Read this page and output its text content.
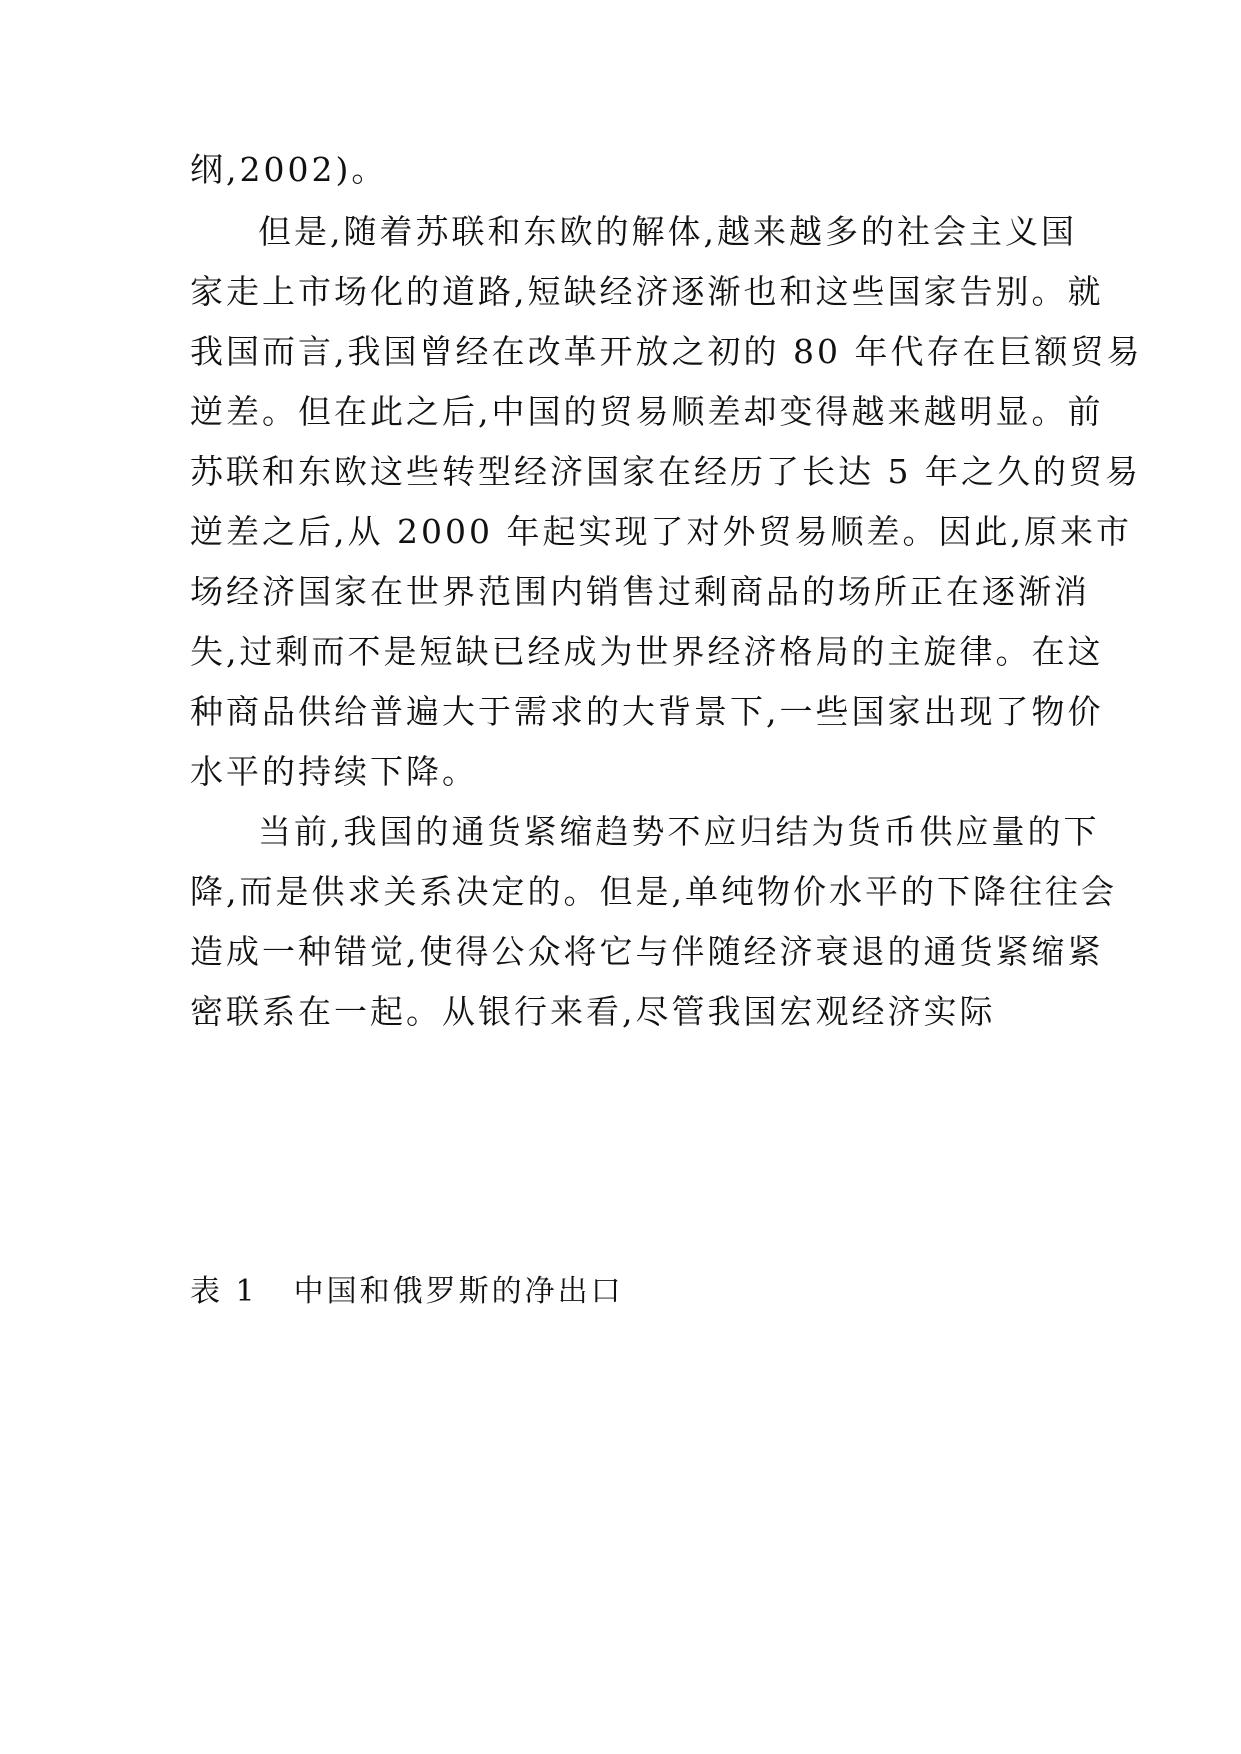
纲,2002)。
但是,随着苏联和东欧的解体,越来越多的社会主义国
家走上市场化的道路,短缺经济逐渐也和这些国家告别。就
我国而言,我国曾经在改革开放之初的 80 年代存在巨额贸易
逆差。但在此之后,中国的贸易顺差却变得越来越明显。前
苏联和东欧这些转型经济国家在经历了长达 5 年之久的贸易
逆差之后,从 2000 年起实现了对外贸易顺差。因此,原来市
场经济国家在世界范围内销售过剩商品的场所正在逐渐消
失,过剩而不是短缺已经成为世界经济格局的主旋律。在这
种商品供给普遍大于需求的大背景下,一些国家出现了物价
水平的持续下降。
当前,我国的通货紧缩趋势不应归结为货币供应量的下
降,而是供求关系决定的。但是,单纯物价水平的下降往往会
造成一种错觉,使得公众将它与伴随经济衰退的通货紧缩紧
密联系在一起。从银行来看,尽管我国宏观经济实际
表 1 中国和俄罗斯的净出口
